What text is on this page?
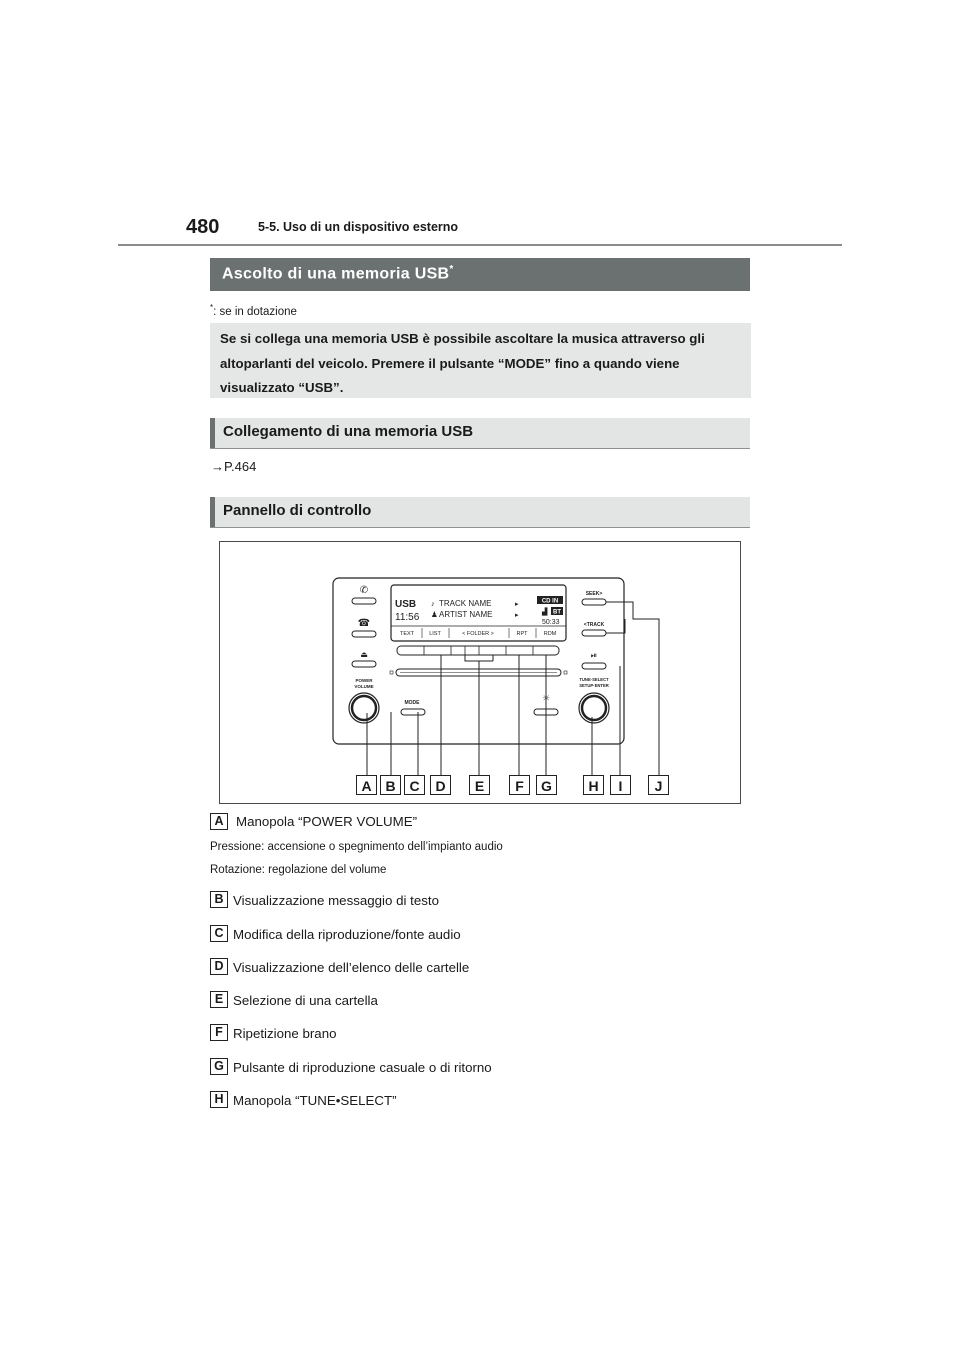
480	5-5. Uso di un dispositivo esterno
Ascolto di una memoria USB*
*: se in dotazione

Se si collega una memoria USB è possibile ascoltare la musica attraverso gli altoparlanti del veicolo. Premere il pulsante “MODE” fino a quando viene visualizzato “USB”.

Collegamento di una memoria USB
→P.464
Pannello di controllo
✆
☎
⏏
POWER
VOLUME
USB
11:56
♪ TRACK NAME	▸
♟ ARTIST NAME	▸
CD IN
▟ BT
50:33
TEXT	LIST	< FOLDER >	RPT	RDM
MODE	☼
SEEK>
<TRACK
⏯
TUNE·SELECT
SETUP·ENTER
A B C	D	E	F	G	H	I	J
A Manopola “POWER VOLUME”
Pressione: accensione o spegnimento dell’impianto audio
Rotazione: regolazione del volume
B Visualizzazione messaggio di testo
C Modifica della riproduzione/fonte audio
D Visualizzazione dell’elenco delle cartelle
E Selezione di una cartella
F Ripetizione brano
G Pulsante di riproduzione casuale o di ritorno
H Manopola “TUNE•SELECT”
